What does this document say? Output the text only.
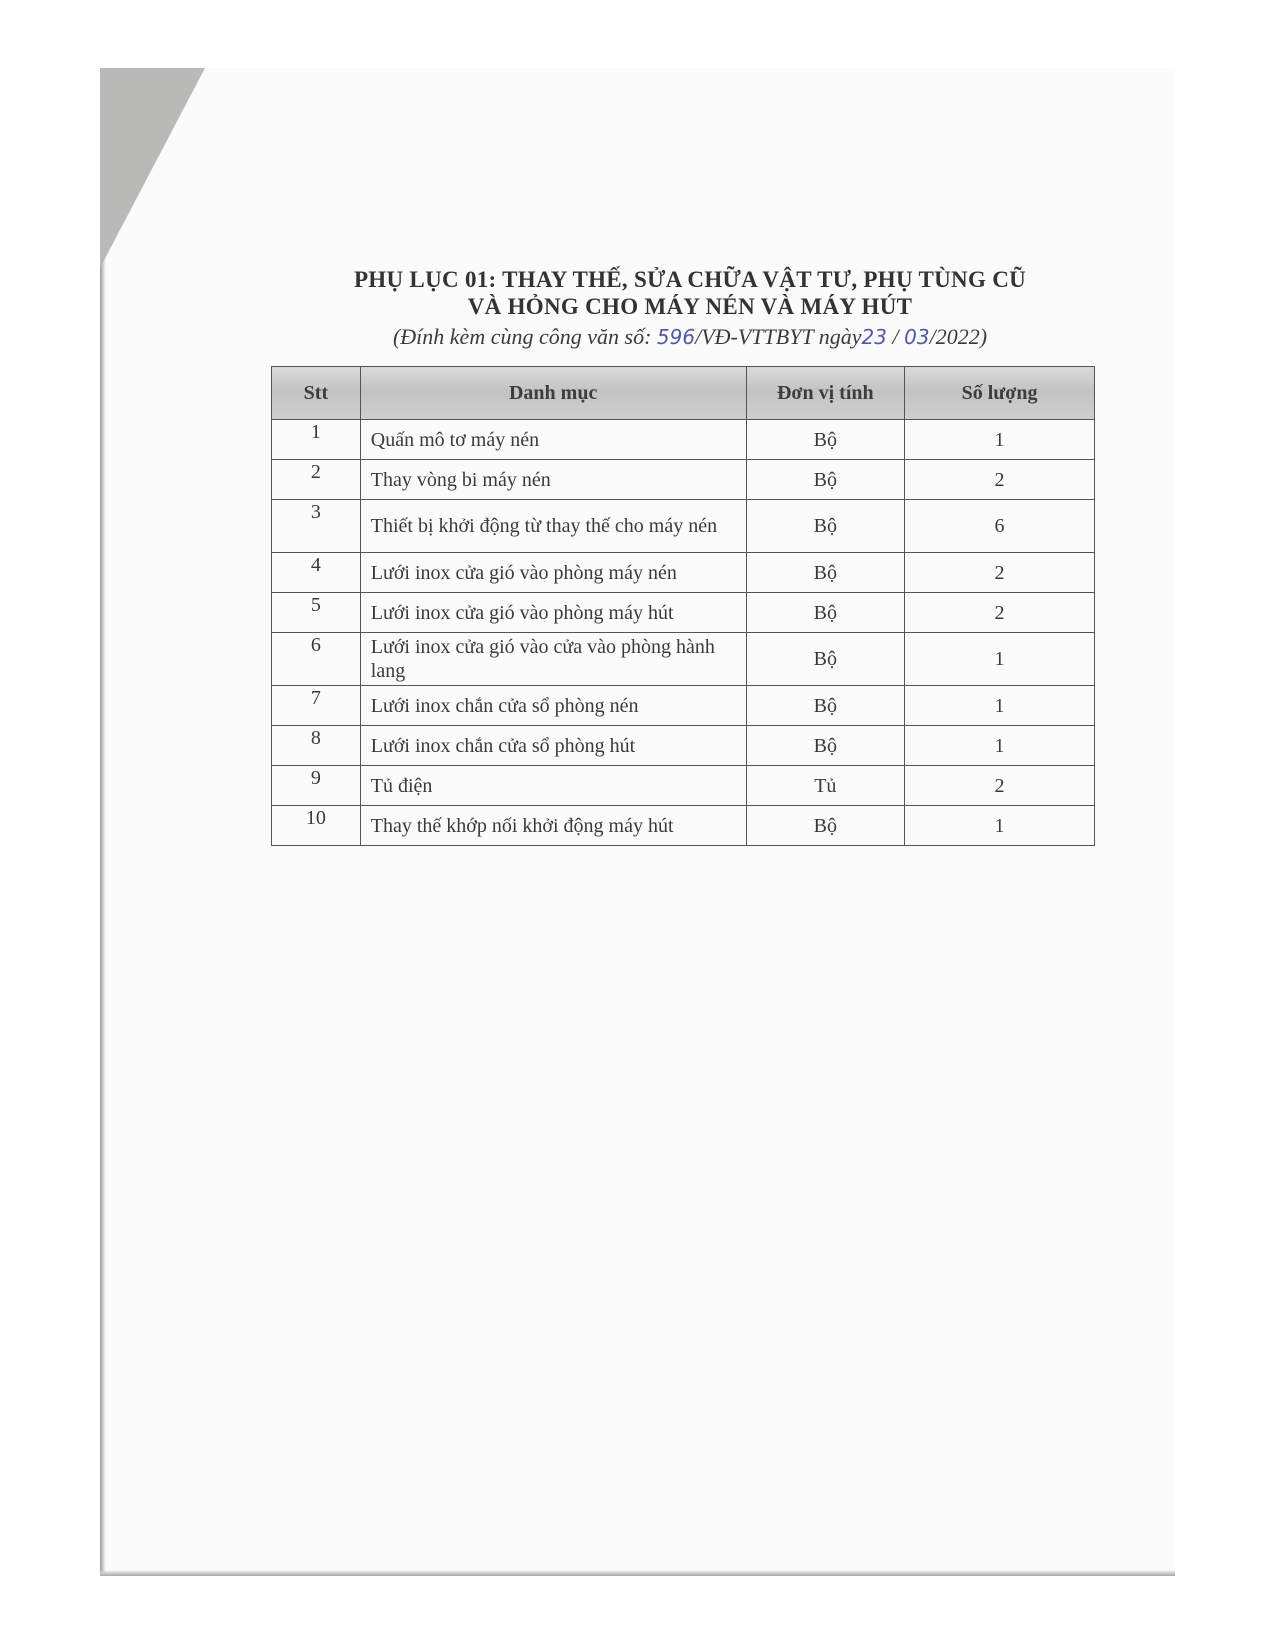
PHỤ LỤC 01: THAY THẾ, SỬA CHỮA VẬT TƯ, PHỤ TÙNG CŨ
VÀ HỎNG CHO MÁY NÉN VÀ MÁY HÚT
(Đính kèm cùng công văn số: 596/VĐ-VTTBYT ngày23 / 03/2022)
Stt	Danh mục	Đơn vị tính	Số lượng
1	Quấn mô tơ máy nén	Bộ	1
2	Thay vòng bi máy nén	Bộ	2
3	Thiết bị khởi động từ thay thế cho máy nén	Bộ	6
4	Lưới inox cửa gió vào phòng máy nén	Bộ	2
5	Lưới inox cửa gió vào phòng máy hút	Bộ	2
6	Lưới inox cửa gió vào cửa vào phòng hành lang	Bộ	1
7	Lưới inox chắn cửa sổ phòng nén	Bộ	1
8	Lưới inox chắn cửa sổ phòng hút	Bộ	1
9	Tủ điện	Tủ	2
10	Thay thế khớp nối khởi động máy hút	Bộ	1
